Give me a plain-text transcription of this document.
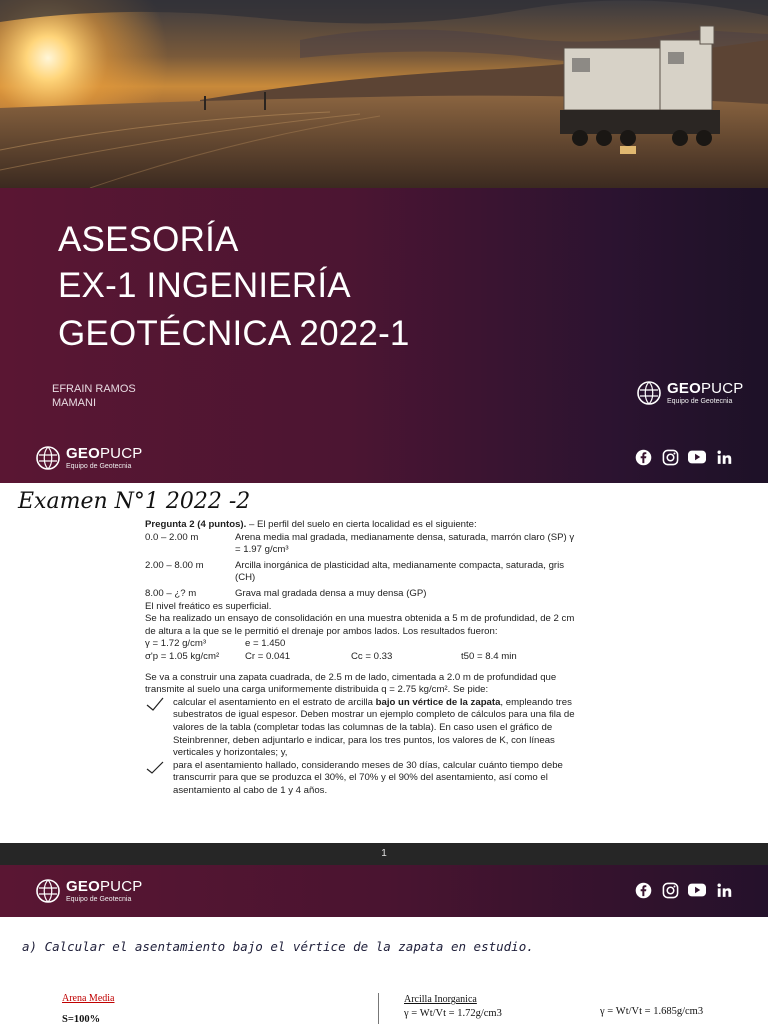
ASESORÍA
EX-1 INGENIERÍA
GEOTÉCNICA 2022-1
EFRAIN RAMOS
MAMANI
GEOPUCP
Equipo de Geotecnia
GEOPUCP
Equipo de Geotecnia
Examen N°1 2022 -2

Pregunta 2 (4 puntos). – El perfil del suelo en cierta localidad es el siguiente:

0.0 – 2.00 m	Arena media mal gradada, medianamente densa, saturada, marrón claro (SP) γ = 1.97 g/cm³
2.00 – 8.00 m	Arcilla inorgánica de plasticidad alta, medianamente compacta, saturada, gris (CH)
8.00 – ¿? m	Grava mal gradada densa a muy densa (GP)

El nivel freático es superficial.

Se ha realizado un ensayo de consolidación en una muestra obtenida a 5 m de profundidad, de 2 cm de altura a la que se le permitió el drenaje por ambos lados. Los resultados fueron:

γ = 1.72 g/cm³	e = 1.450
σ'p = 1.05 kg/cm²	Cr = 0.041	Cc = 0.33	t50 = 8.4 min

Se va a construir una zapata cuadrada, de 2.5 m de lado, cimentada a 2.0 m de profundidad que transmite al suelo una carga uniformemente distribuida q = 2.75 kg/cm². Se pide:

calcular el asentamiento en el estrato de arcilla bajo un vértice de la zapata, empleando tres subestratos de igual espesor. Deben mostrar un ejemplo completo de cálculos para una fila de valores de la tabla (completar todas las columnas de la tabla). En caso usen el gráfico de Steinbrenner, deben adjuntarlo e indicar, para los tres puntos, los valores de K, con líneas verticales y horizontales; y,
para el asentamiento hallado, considerando meses de 30 días, calcular cuánto tiempo debe transcurrir para que se produzca el 30%, el 70% y el 90% del asentamiento, así como el asentamiento al cabo de 1 y 4 años.
1
GEOPUCP
Equipo de Geotecnia
a) Calcular el asentamiento bajo el vértice de la zapata en estudio.
Arena Media
S=100%
Arcilla Inorganica
γ = Wt/Vt = 1.72g/cm3	γ = Wt/Vt = 1.685g/cm3
